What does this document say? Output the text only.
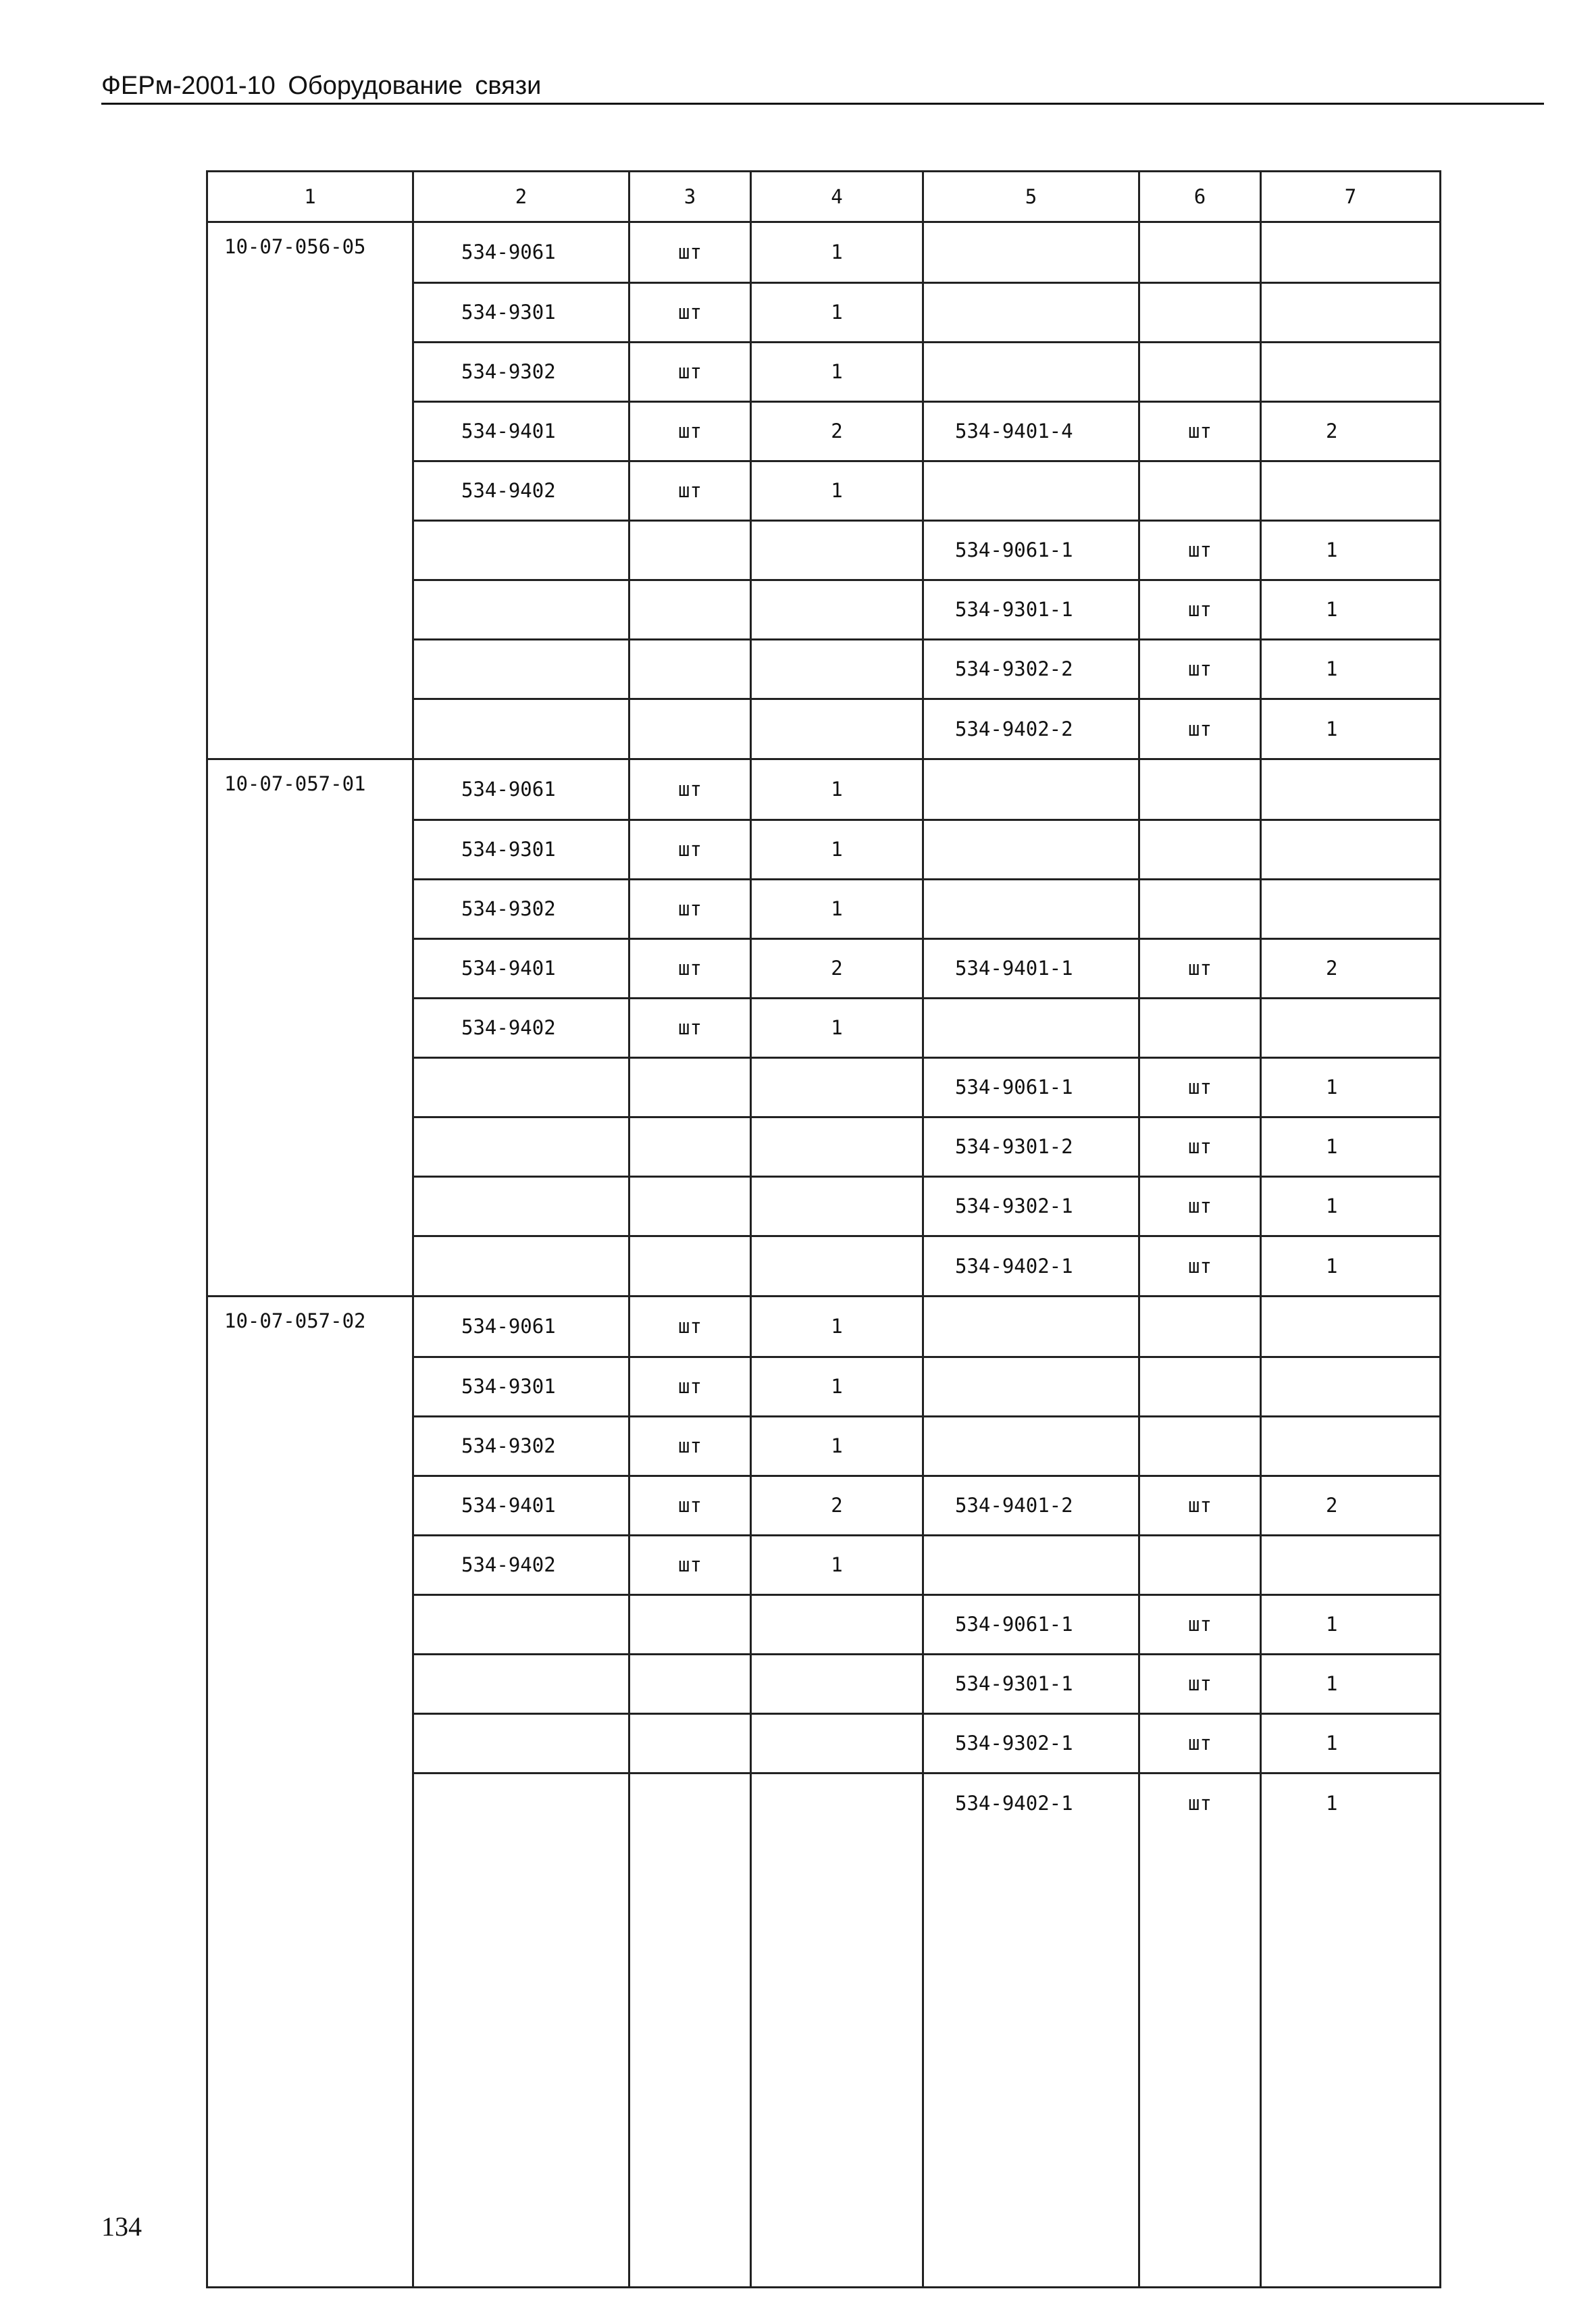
ФЕРм-2001-10 Оборудование связи
1	2	3	4	5	6	7
10-07-056-05	534-9061	шт	1			
	534-9301	шт	1			
	534-9302	шт	1			
	534-9401	шт	2	534-9401-4	шт	2
	534-9402	шт	1			
				534-9061-1	шт	1
				534-9301-1	шт	1
				534-9302-2	шт	1
				534-9402-2	шт	1
10-07-057-01	534-9061	шт	1			
	534-9301	шт	1			
	534-9302	шт	1			
	534-9401	шт	2	534-9401-1	шт	2
	534-9402	шт	1			
				534-9061-1	шт	1
				534-9301-2	шт	1
				534-9302-1	шт	1
				534-9402-1	шт	1
10-07-057-02	534-9061	шт	1			
	534-9301	шт	1			
	534-9302	шт	1			
	534-9401	шт	2	534-9401-2	шт	2
	534-9402	шт	1			
				534-9061-1	шт	1
				534-9301-1	шт	1
				534-9302-1	шт	1
				534-9402-1	шт	1

134
